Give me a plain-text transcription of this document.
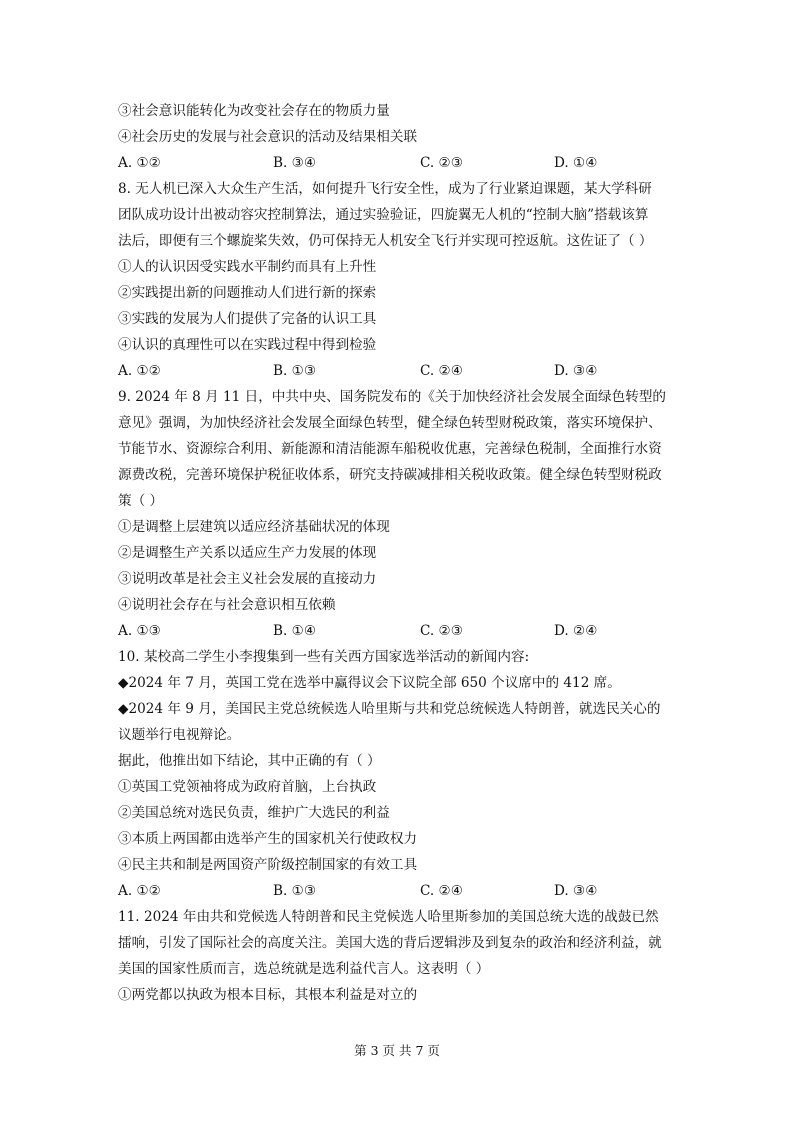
③社会意识能转化为改变社会存在的物质力量
④社会历史的发展与社会意识的活动及结果相关联
A. ①②	B. ③④	C. ②③	D. ①④
8. 无人机已深入大众生产生活，如何提升飞行安全性，成为了行业紧迫课题，某大学科研
团队成功设计出被动容灾控制算法，通过实验验证，四旋翼无人机的“控制大脑”搭载该算
法后，即便有三个螺旋桨失效，仍可保持无人机安全飞行并实现可控返航。这佐证了（ ）
①人的认识因受实践水平制约而具有上升性
②实践提出新的问题推动人们进行新的探索
③实践的发展为人们提供了完备的认识工具
④认识的真理性可以在实践过程中得到检验
A. ①②	B. ①③	C. ②④	D. ③④
9. 2024 年 8 月 11 日，中共中央、国务院发布的《关于加快经济社会发展全面绿色转型的
意见》强调，为加快经济社会发展全面绿色转型，健全绿色转型财税政策，落实环境保护、
节能节水、资源综合利用、新能源和清洁能源车船税收优惠，完善绿色税制，全面推行水资
源费改税，完善环境保护税征收体系，研究支持碳减排相关税收政策。健全绿色转型财税政
策（ ）
①是调整上层建筑以适应经济基础状况的体现
②是调整生产关系以适应生产力发展的体现
③说明改革是社会主义社会发展的直接动力
④说明社会存在与社会意识相互依赖
A. ①③	B. ①④	C. ②③	D. ②④
10. 某校高二学生小李搜集到一些有关西方国家选举活动的新闻内容:
◆2024 年 7 月，英国工党在选举中赢得议会下议院全部 650 个议席中的 412 席。
◆2024 年 9 月，美国民主党总统候选人哈里斯与共和党总统候选人特朗普，就选民关心的
议题举行电视辩论。
据此，他推出如下结论，其中正确的有（ ）
①英国工党领袖将成为政府首脑，上台执政
②美国总统对选民负责，维护广大选民的利益
③本质上两国都由选举产生的国家机关行使政权力
④民主共和制是两国资产阶级控制国家的有效工具
A. ①②	B. ①③	C. ②④	D. ③④
11. 2024 年由共和党候选人特朗普和民主党候选人哈里斯参加的美国总统大选的战鼓已然
擂响，引发了国际社会的高度关注。美国大选的背后逻辑涉及到复杂的政治和经济利益，就
美国的国家性质而言，选总统就是选利益代言人。这表明（ ）
①两党都以执政为根本目标，其根本利益是对立的
第 3 页 共 7 页
